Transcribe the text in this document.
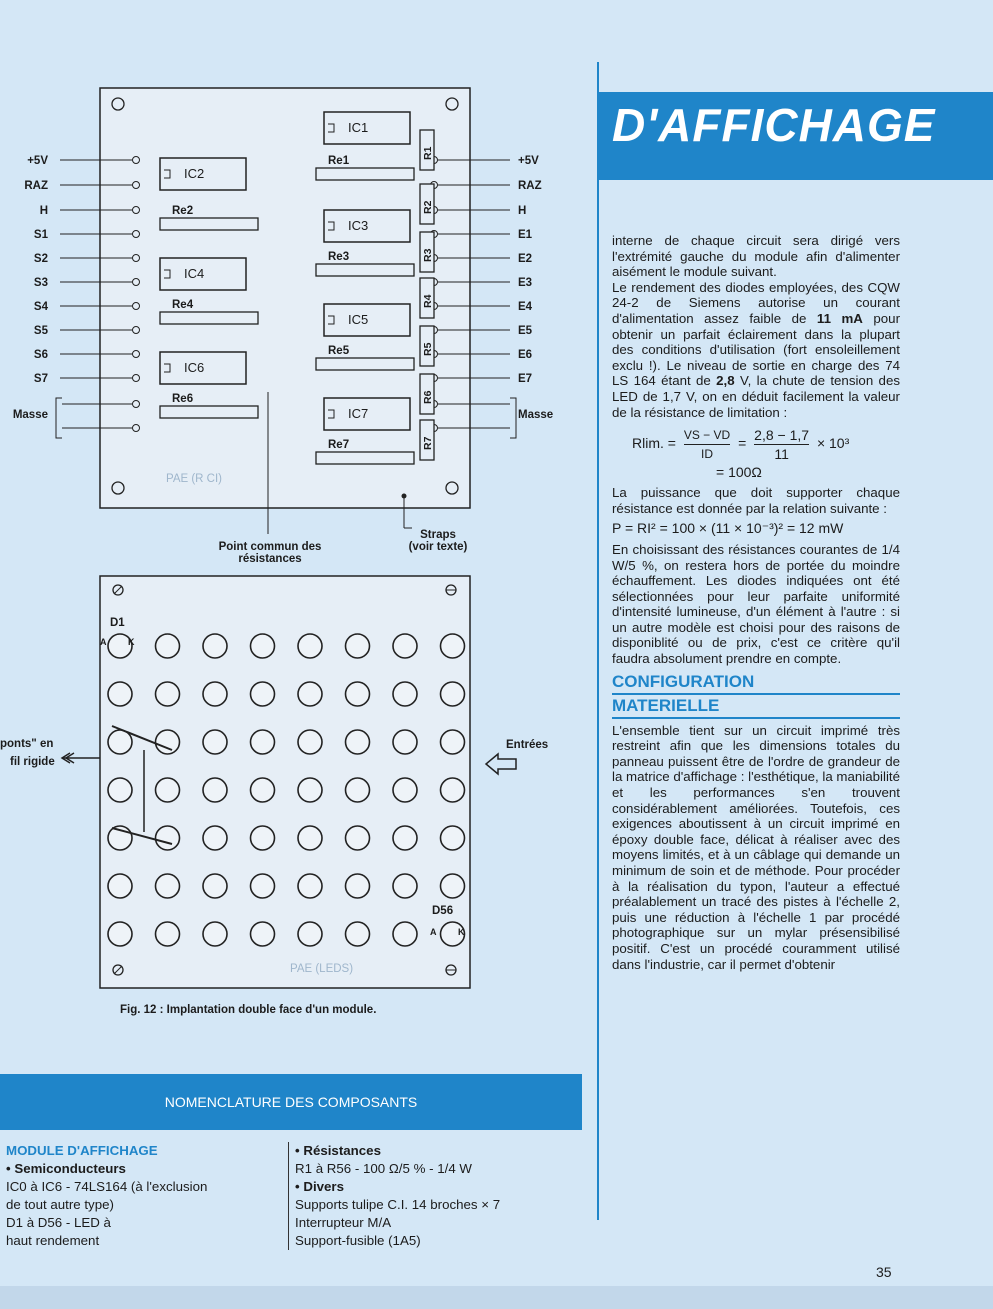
+5V
RAZ
H
S1
S2
S3
S4
S5
S6
S7
Masse
+5V
RAZ
H
E1
E2
E3
E4
E5
E6
E7
Masse
IC1
IC2
IC3
IC4
IC5
IC6
IC7
Re1
Re2
Re3
Re4
Re5
Re6
Re7
R1
R2
R3
R4
R5
R6
R7
PAE (R CI)
Point commun des
résistances
Straps
(voir texte)
D1
A K
D56
A K
ponts" en
fil rigide
Entrées
PAE (LEDS)
Fig. 12 : Implantation double face d'un module.
D'AFFICHAGE

interne de chaque circuit sera dirigé vers l'extrémité gauche du module afin d'alimenter aisément le module suivant.

Le rendement des diodes employées, des CQW 24-2 de Siemens autorise un courant d'alimentation assez faible de 11 mA pour obtenir un parfait éclairement dans la plupart des conditions d'utilisation (fort ensoleillement exclu !). Le niveau de sortie en charge des 74 LS 164 étant de 2,8 V, la chute de tension des LED de 1,7 V, on en déduit facilement la valeur de la résistance de limitation :

Rlim. = $\frac{VS - VD}{ID} = \frac{2,8 - 1,7}{11} \times 10^3$
= 100Ω

La puissance que doit supporter chaque résistance est donnée par la relation suivante :

P = RI² = 100 × (11 × 10⁻³)² = 12 mW

En choisissant des résistances courantes de 1/4 W/5 %, on restera hors de portée du moindre échauffement. Les diodes indiquées ont été sélectionnées pour leur parfaite uniformité d'intensité lumineuse, d'un élément à l'autre : si un autre modèle est choisi pour des raisons de disponiblité ou de prix, c'est ce critère qu'il faudra absolument prendre en compte.

CONFIGURATION
MATERIELLE

L'ensemble tient sur un circuit imprimé très restreint afin que les dimensions totales du panneau puissent être de l'ordre de grandeur de la matrice d'affichage : l'esthétique, la maniabilité et les performances s'en trouvent considérablement améliorées. Toutefois, ces exigences aboutissent à un circuit imprimé en époxy double face, délicat à réaliser avec des moyens limités, et à un câblage qui demande un minimum de soin et de méthode. Pour procéder à la réalisation du typon, l'auteur a effectué préalablement un tracé des pistes à l'échelle 2, puis une réduction à l'échelle 1 par procédé photographique sur un mylar présensibilisé positif. C'est un procédé couramment utilisé dans l'industrie, car il permet d'obtenir

NOMENCLATURE DES COMPOSANTS
MODULE D'AFFICHAGE
• Semiconducteurs
IC0 à IC6 - 74LS164 (à l'exclusion
de tout autre type)
D1 à D56 - LED à
haut rendement
• Résistances
R1 à R56 - 100 Ω/5 % - 1/4 W
• Divers
Supports tulipe C.I. 14 broches × 7
Interrupteur M/A
Support-fusible (1A5)
35
